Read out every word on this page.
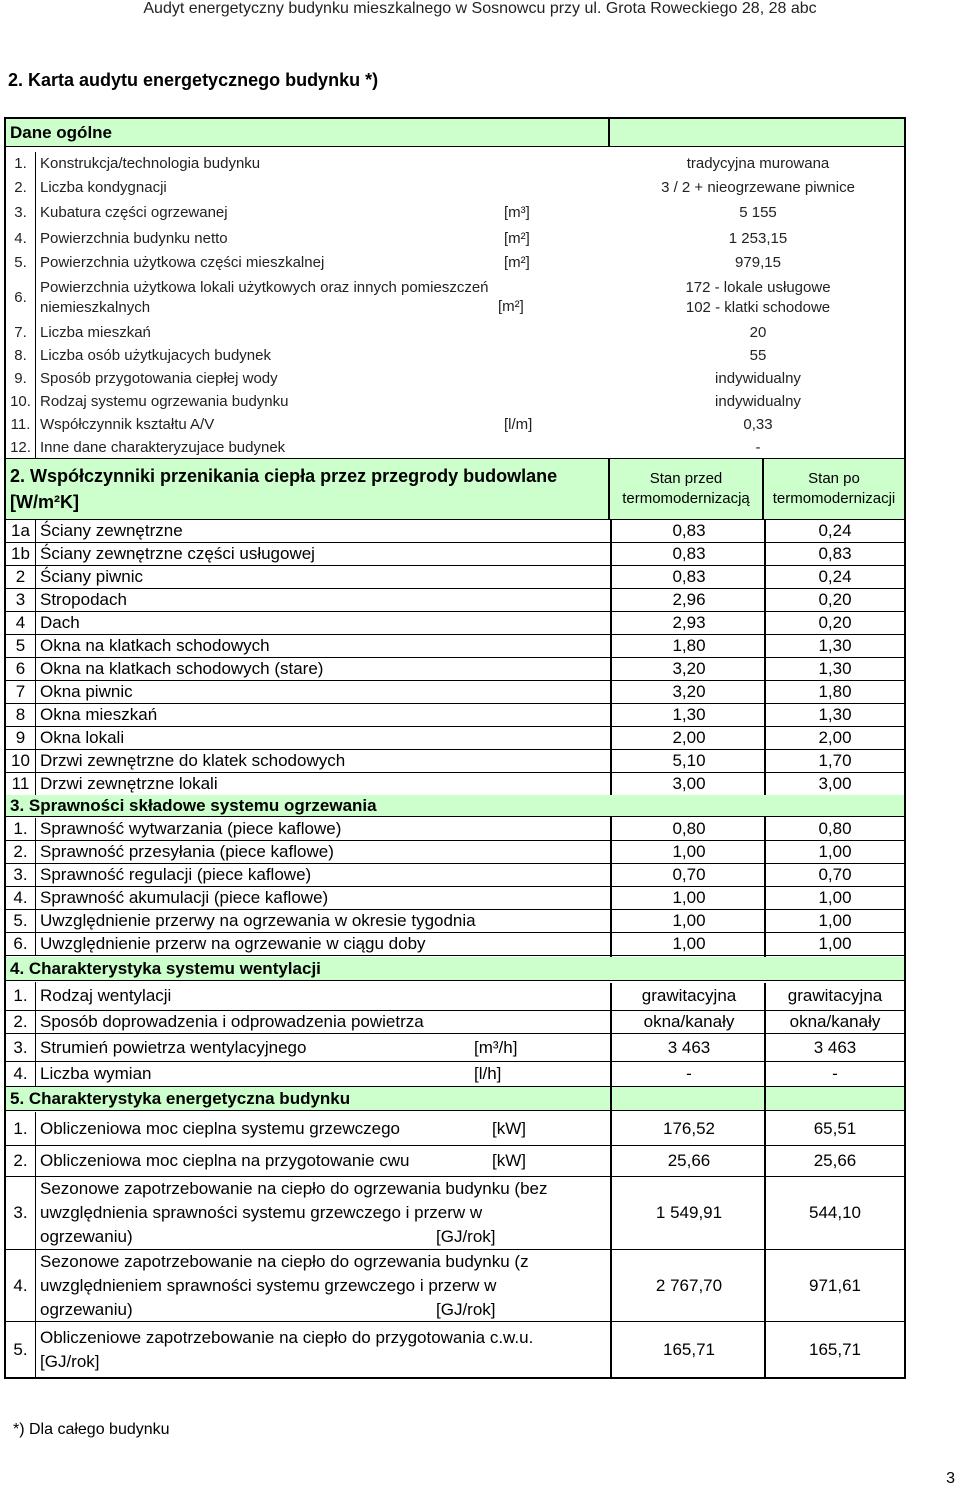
Audyt energetyczny budynku mieszkalnego w Sosnowcu przy ul. Grota Roweckiego 28, 28 abc
2. Karta audytu energetycznego budynku *)
Dane ogólne
1. Konstrukcja/technologia budynku	tradycyjna murowana
2. Liczba kondygnacji	3 / 2 + nieogrzewane piwnice
3. Kubatura części ogrzewanej	[m³]	5 155
4. Powierzchnia budynku netto	[m²]	1 253,15
5. Powierzchnia użytkowa części mieszkalnej	[m²]	979,15
6.
Powierzchnia użytkowa lokali użytkowych oraz innych pomieszczeń
niemieszkalnych	[m²]
172 - lokale usługowe
102 - klatki schodowe
7. Liczba mieszkań	20
8. Liczba osób użytkujacych budynek	55
9. Sposób przygotowania ciepłej wody	indywidualny
10. Rodzaj systemu ogrzewania budynku	indywidualny
11. Współczynnik kształtu A/V	[l/m]	0,33
12. Inne dane charakteryzujace budynek	-
2. Współczynniki przenikania ciepła przez przegrody budowlane
[W/m²K]
Stan przed termomodernizacją
Stan po termomodernizacji
1a Ściany zewnętrzne	0,83	0,24
1b Ściany zewnętrzne części usługowej	0,83	0,83
2 Ściany piwnic	0,83	0,24
3 Stropodach	2,96	0,20
4 Dach	2,93	0,20
5 Okna na klatkach schodowych	1,80	1,30
6 Okna na klatkach schodowych (stare)	3,20	1,30
7 Okna piwnic	3,20	1,80
8 Okna mieszkań	1,30	1,30
9 Okna lokali	2,00	2,00
10 Drzwi zewnętrzne do klatek schodowych	5,10	1,70
11 Drzwi zewnętrzne lokali	3,00	3,00
3. Sprawności składowe systemu ogrzewania
1. Sprawność wytwarzania (piece kaflowe)	0,80	0,80
2. Sprawność przesyłania (piece kaflowe)	1,00	1,00
3. Sprawność regulacji (piece kaflowe)	0,70	0,70
4. Sprawność akumulacji (piece kaflowe)	1,00	1,00
5. Uwzględnienie przerwy na ogrzewania w okresie tygodnia	1,00	1,00
6. Uwzględnienie przerw na ogrzewanie w ciągu doby	1,00	1,00
4. Charakterystyka systemu wentylacji
1. Rodzaj wentylacji	grawitacyjna	grawitacyjna
2. Sposób doprowadzenia i odprowadzenia powietrza	okna/kanały	okna/kanały
3. Strumień powietrza wentylacyjnego	[m³/h]	3 463	3 463
4. Liczba wymian	[l/h]	-	-
5. Charakterystyka energetyczna budynku
1. Obliczeniowa moc cieplna systemu grzewczego	[kW]	176,52	65,51
2. Obliczeniowa moc cieplna na przygotowanie cwu	[kW]	25,66	25,66
3.
Sezonowe zapotrzebowanie na ciepło do ogrzewania budynku (bez
uwzględnienia sprawności systemu grzewczego i przerw w
ogrzewaniu)	[GJ/rok]
1 549,91	544,10
4.
Sezonowe zapotrzebowanie na ciepło do ogrzewania budynku (z
uwzględnieniem sprawności systemu grzewczego i przerw w
ogrzewaniu)	[GJ/rok]
2 767,70	971,61
5.
Obliczeniowe zapotrzebowanie na ciepło do przygotowania c.w.u.
[GJ/rok]
165,71	165,71
*) Dla całego budynku
3
